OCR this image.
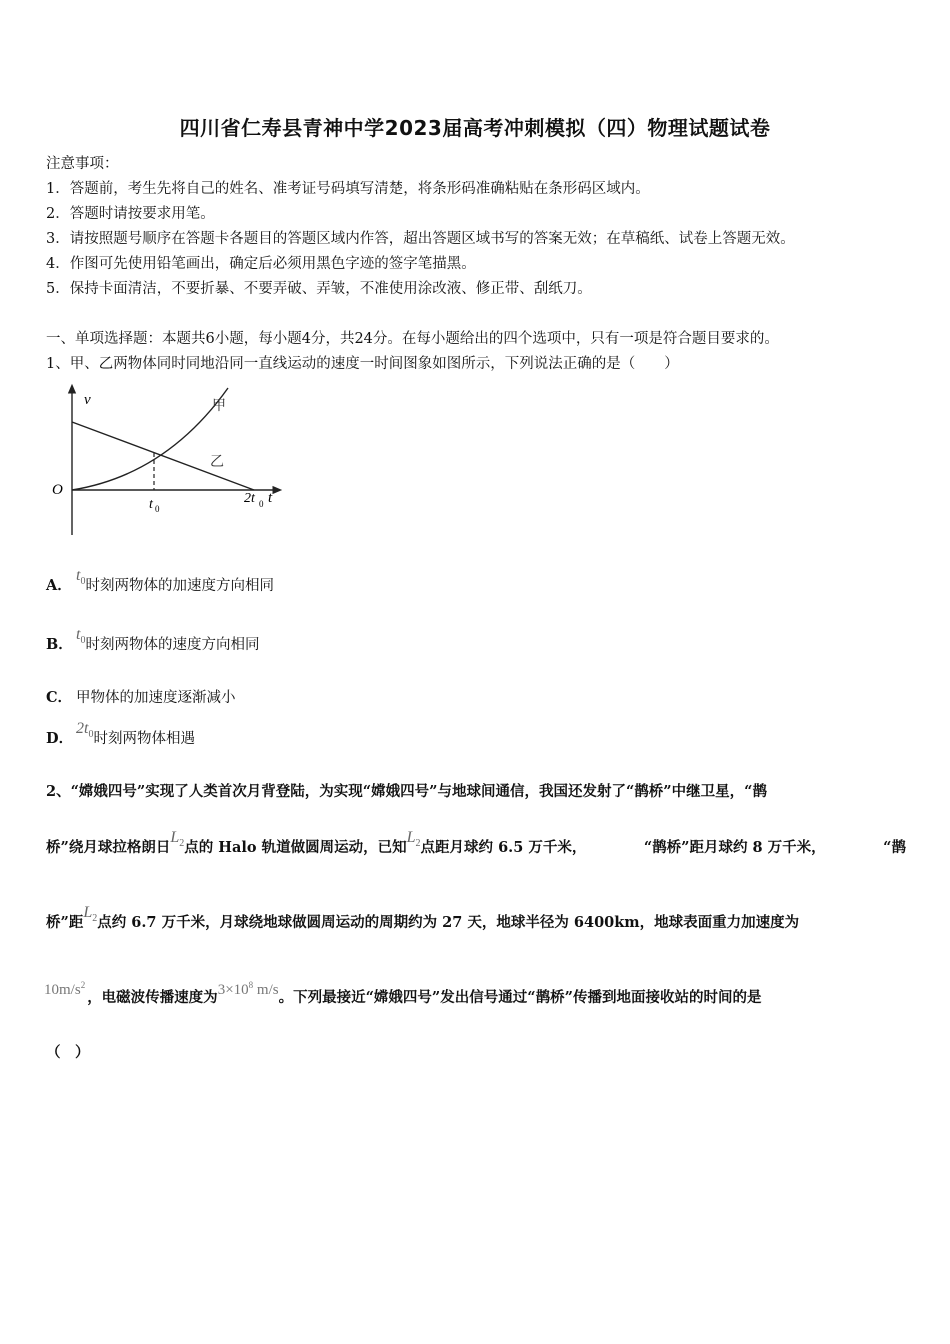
四川省仁寿县青神中学2023届高考冲刺模拟（四）物理试题试卷
注意事项：
1．答题前，考生先将自己的姓名、准考证号码填写清楚，将条形码准确粘贴在条形码区域内。
2．答题时请按要求用笔。
3．请按照题号顺序在答题卡各题目的答题区域内作答，超出答题区域书写的答案无效；在草稿纸、试卷上答题无效。
4．作图可先使用铅笔画出，确定后必须用黑色字迹的签字笔描黑。
5．保持卡面清洁，不要折暴、不要弄破、弄皱，不准使用涂改液、修正带、刮纸刀。
一、单项选择题：本题共6小题，每小题4分，共24分。在每小题给出的四个选项中，只有一项是符合题目要求的。
1、甲、乙两物体同时同地沿同一直线运动的速度一时间图象如图所示，下列说法正确的是（　　）
v
O	t
t 0
2t 0
甲
乙
A．$t_0$时刻两物体的加速度方向相同
B．$t_0$时刻两物体的速度方向相同
C． 甲物体的加速度逐渐减小
D．$2t_0$时刻两物体相遇
2、“嫦娥四号”实现了人类首次月背登陆，为实现“嫦娥四号”与地球间通信，我国还发射了“鹊桥”中继卫星，“鹊
桥”绕月球拉格朗日$L_2$点的 Halo 轨道做圆周运动，已知$L_2$点距月球约 6.5 万千米，	“鹊桥”距月球约 8 万千米，	“鹊
桥”距$L_2$点约 6.7 万千米，月球绕地球做圆周运动的周期约为 27 天，地球半径为 6400km，地球表面重力加速度为
$10m/s^2$，电磁波传播速度为$3\times 10^8$ m/s。下列最接近“嫦娥四号”发出信号通过“鹊桥”传播到地面接收站的时间的是
（　）
